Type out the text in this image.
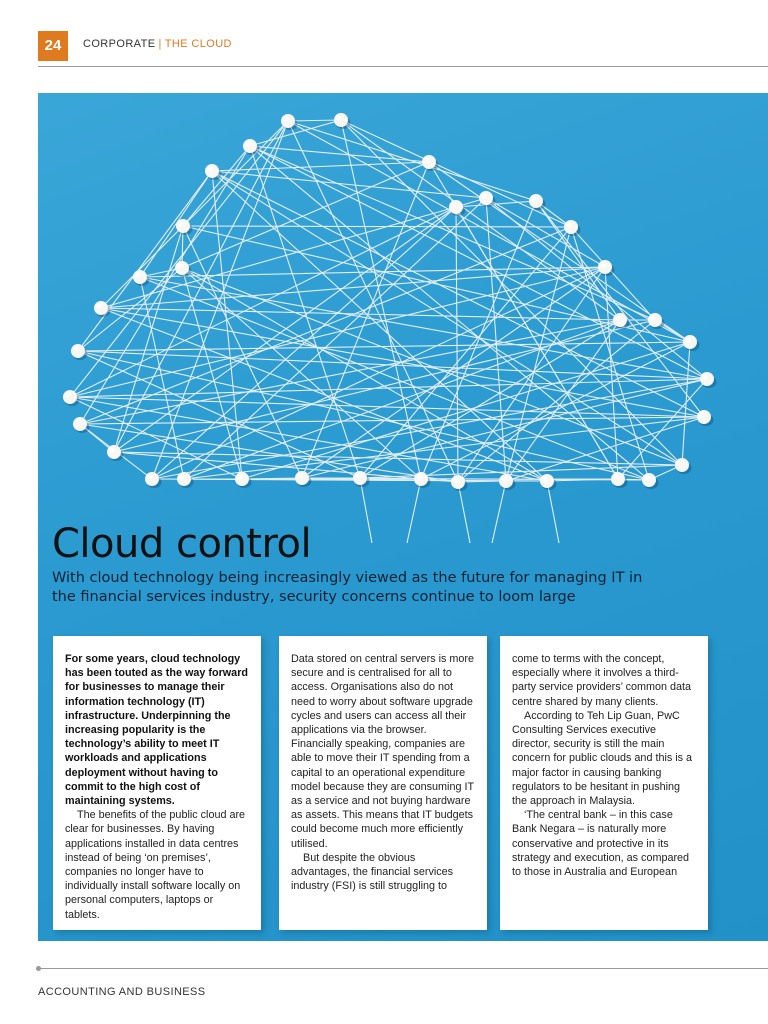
24	CORPORATE | THE CLOUD
Cloud control

With cloud technology being increasingly viewed as the future for managing IT in the financial services industry, security concerns continue to loom large

For some years, cloud technology has been touted as the way forward for businesses to manage their information technology (IT) infrastructure. Underpinning the increasing popularity is the technology’s ability to meet IT workloads and applications deployment without having to commit to the high cost of maintaining systems.

The benefits of the public cloud are clear for businesses. By having applications installed in data centres instead of being ‘on premises’, companies no longer have to individually install software locally on personal computers, laptops or tablets.

Data stored on central servers is more secure and is centralised for all to access. Organisations also do not need to worry about software upgrade cycles and users can access all their applications via the browser. Financially speaking, companies are able to move their IT spending from a capital to an operational expenditure model because they are consuming IT as a service and not buying hardware as assets. This means that IT budgets could become much more efficiently utilised.

But despite the obvious advantages, the financial services industry (FSI) is still struggling to

come to terms with the concept, especially where it involves a third-party service providers’ common data centre shared by many clients.

According to Teh Lip Guan, PwC Consulting Services executive director, security is still the main concern for public clouds and this is a major factor in causing banking regulators to be hesitant in pushing the approach in Malaysia.

‘The central bank – in this case Bank Negara – is naturally more conservative and protective in its strategy and execution, as compared to those in Australia and European

ACCOUNTING AND BUSINESS
